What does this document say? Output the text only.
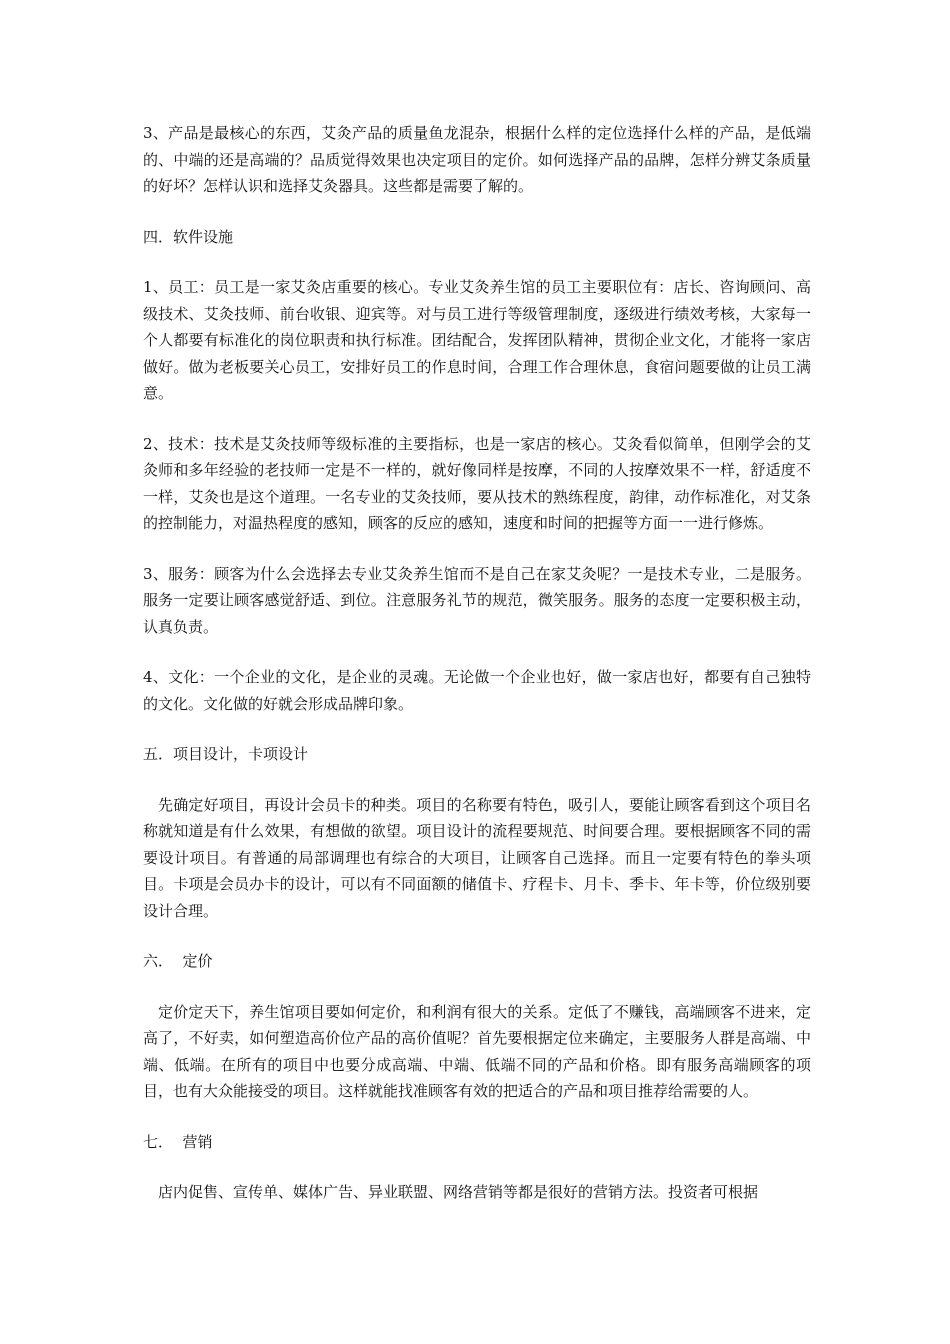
3、产品是最核心的东西，艾灸产品的质量鱼龙混杂，根据什么样的定位选择什么样的产品，是低端的、中端的还是高端的？品质觉得效果也决定项目的定价。如何选择产品的品牌，怎样分辨艾条质量的好坏？怎样认识和选择艾灸器具。这些都是需要了解的。

四．软件设施

1、员工：员工是一家艾灸店重要的核心。专业艾灸养生馆的员工主要职位有：店长、咨询顾问、高级技术、艾灸技师、前台收银、迎宾等。对与员工进行等级管理制度，逐级进行绩效考核，大家每一个人都要有标准化的岗位职责和执行标准。团结配合，发挥团队精神，贯彻企业文化，才能将一家店做好。做为老板要关心员工，安排好员工的作息时间，合理工作合理休息，食宿问题要做的让员工满意。

2、技术：技术是艾灸技师等级标准的主要指标，也是一家店的核心。艾灸看似简单，但刚学会的艾灸师和多年经验的老技师一定是不一样的，就好像同样是按摩，不同的人按摩效果不一样，舒适度不一样，艾灸也是这个道理。一名专业的艾灸技师，要从技术的熟练程度，韵律，动作标准化，对艾条的控制能力，对温热程度的感知，顾客的反应的感知，速度和时间的把握等方面一一进行修炼。

3、服务：顾客为什么会选择去专业艾灸养生馆而不是自己在家艾灸呢？一是技术专业，二是服务。服务一定要让顾客感觉舒适、到位。注意服务礼节的规范，微笑服务。服务的态度一定要积极主动，认真负责。

4、文化：一个企业的文化，是企业的灵魂。无论做一个企业也好，做一家店也好，都要有自己独特的文化。文化做的好就会形成品牌印象。

五．项目设计，卡项设计

先确定好项目，再设计会员卡的种类。项目的名称要有特色，吸引人，要能让顾客看到这个项目名称就知道是有什么效果，有想做的欲望。项目设计的流程要规范、时间要合理。要根据顾客不同的需要设计项目。有普通的局部调理也有综合的大项目，让顾客自己选择。而且一定要有特色的拳头项目。卡项是会员办卡的设计，可以有不同面额的储值卡、疗程卡、月卡、季卡、年卡等，价位级别要设计合理。

六．  定价

定价定天下，养生馆项目要如何定价，和利润有很大的关系。定低了不赚钱，高端顾客不进来，定高了，不好卖，如何塑造高价位产品的高价值呢？首先要根据定位来确定，主要服务人群是高端、中端、低端。在所有的项目中也要分成高端、中端、低端不同的产品和价格。即有服务高端顾客的项目，也有大众能接受的项目。这样就能找准顾客有效的把适合的产品和项目推荐给需要的人。

七．  营销

店内促售、宣传单、媒体广告、异业联盟、网络营销等都是很好的营销方法。投资者可根据
